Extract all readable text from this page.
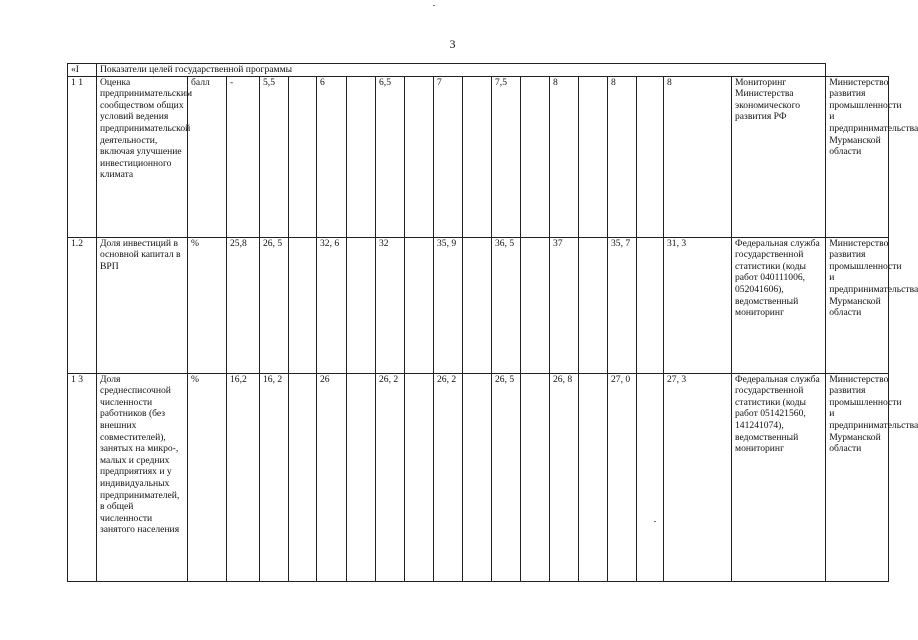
3
«I	Показатели целей государственной программы																			
1 1	Оценка предпринимательским сообществом общих условий ведения предпринимательской деятельности, включая улучшение инвестиционного климата	балл	-	5,5		6		6,5		7		7,5		8		8		8	Мониторинг Министерства экономического развития РФ	Министерство развития промышленности и предпринимательства Мурманской области
1.2	Доля инвестиций в основной капитал в ВРП	%	25,8	26, 5		32, 6		32		35, 9		36, 5		37		35, 7		31, 3	Федеральная служба государственной статистики (коды работ 040111006, 052041606), ведомственный мониторинг	Министерство развития промышленности и предпринимательства Мурманской области
1 3	Доля среднесписочной численности работников (без внешних совместителей), занятых на микро-, малых и средних предприятиях и у индивидуальных предпринимателей, в общей численности занятого населения	%	16,2	16, 2		26		26, 2		26, 2		26, 5		26, 8		27, 0		27, 3	Федеральная служба государственной статистики (коды работ 051421560, 141241074), ведомственный мониторинг	Министерство развития промышленности и предпринимательства Мурманской области
